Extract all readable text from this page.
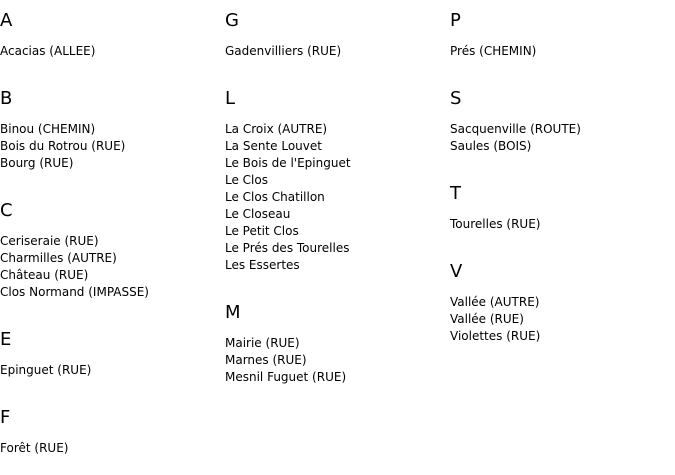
A
Acacias (ALLEE)
B
Binou (CHEMIN)
Bois du Rotrou (RUE)
Bourg (RUE)
C
Ceriseraie (RUE)
Charmilles (AUTRE)
Château (RUE)
Clos Normand (IMPASSE)
E
Epinguet (RUE)
F
Forêt (RUE)
G
Gadenvilliers (RUE)
L
La Croix (AUTRE)
La Sente Louvet
Le Bois de l'Epinguet
Le Clos
Le Clos Chatillon
Le Closeau
Le Petit Clos
Le Prés des Tourelles
Les Essertes
M
Mairie (RUE)
Marnes (RUE)
Mesnil Fuguet (RUE)
P
Prés (CHEMIN)
S
Sacquenville (ROUTE)
Saules (BOIS)
T
Tourelles (RUE)
V
Vallée (AUTRE)
Vallée (RUE)
Violettes (RUE)
